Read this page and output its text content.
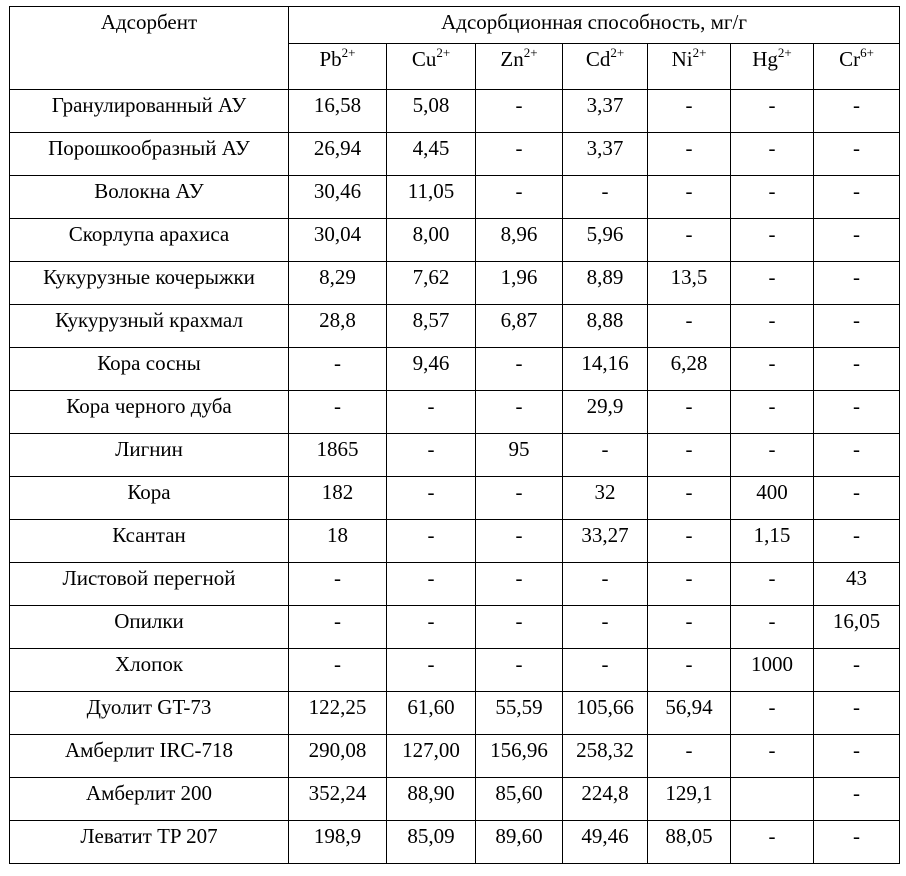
Адсорбент	Адсорбционная способность, мг/г						

	$Pb^{2+}$	$Cu^{2+}$	$Zn^{2+}$	$Cd^{2+}$	$Ni^{2+}$	$Hg^{2+}$	$Cr^{6+}$

Гранулированный АУ	16,58	5,08	-	3,37	-	-	-

Порошкообразный АУ	26,94	4,45	-	3,37	-	-	-

Волокна АУ	30,46	11,05	-	-	-	-	-

Скорлупа арахиса	30,04	8,00	8,96	5,96	-	-	-

Кукурузные кочерыжки	8,29	7,62	1,96	8,89	13,5	-	-

Кукурузный крахмал	28,8	8,57	6,87	8,88	-	-	-

Кора сосны	-	9,46	-	14,16	6,28	-	-

Кора черного дуба	-	-	-	29,9	-	-	-

Лигнин	1865	-	95	-	-	-	-

Кора	182	-	-	32	-	400	-

Ксантан	18	-	-	33,27	-	1,15	-

Листовой перегной	-	-	-	-	-	-	43

Опилки	-	-	-	-	-	-	16,05

Хлопок	-	-	-	-	-	1000	-

Дуолит GT-73	122,25	61,60	55,59	105,66	56,94	-	-

Амберлит IRC-718	290,08	127,00	156,96	258,32	-	-	-

Амберлит 200	352,24	88,90	85,60	224,8	129,1		-

Леватит TP 207	198,9	85,09	89,60	49,46	88,05	-	-
